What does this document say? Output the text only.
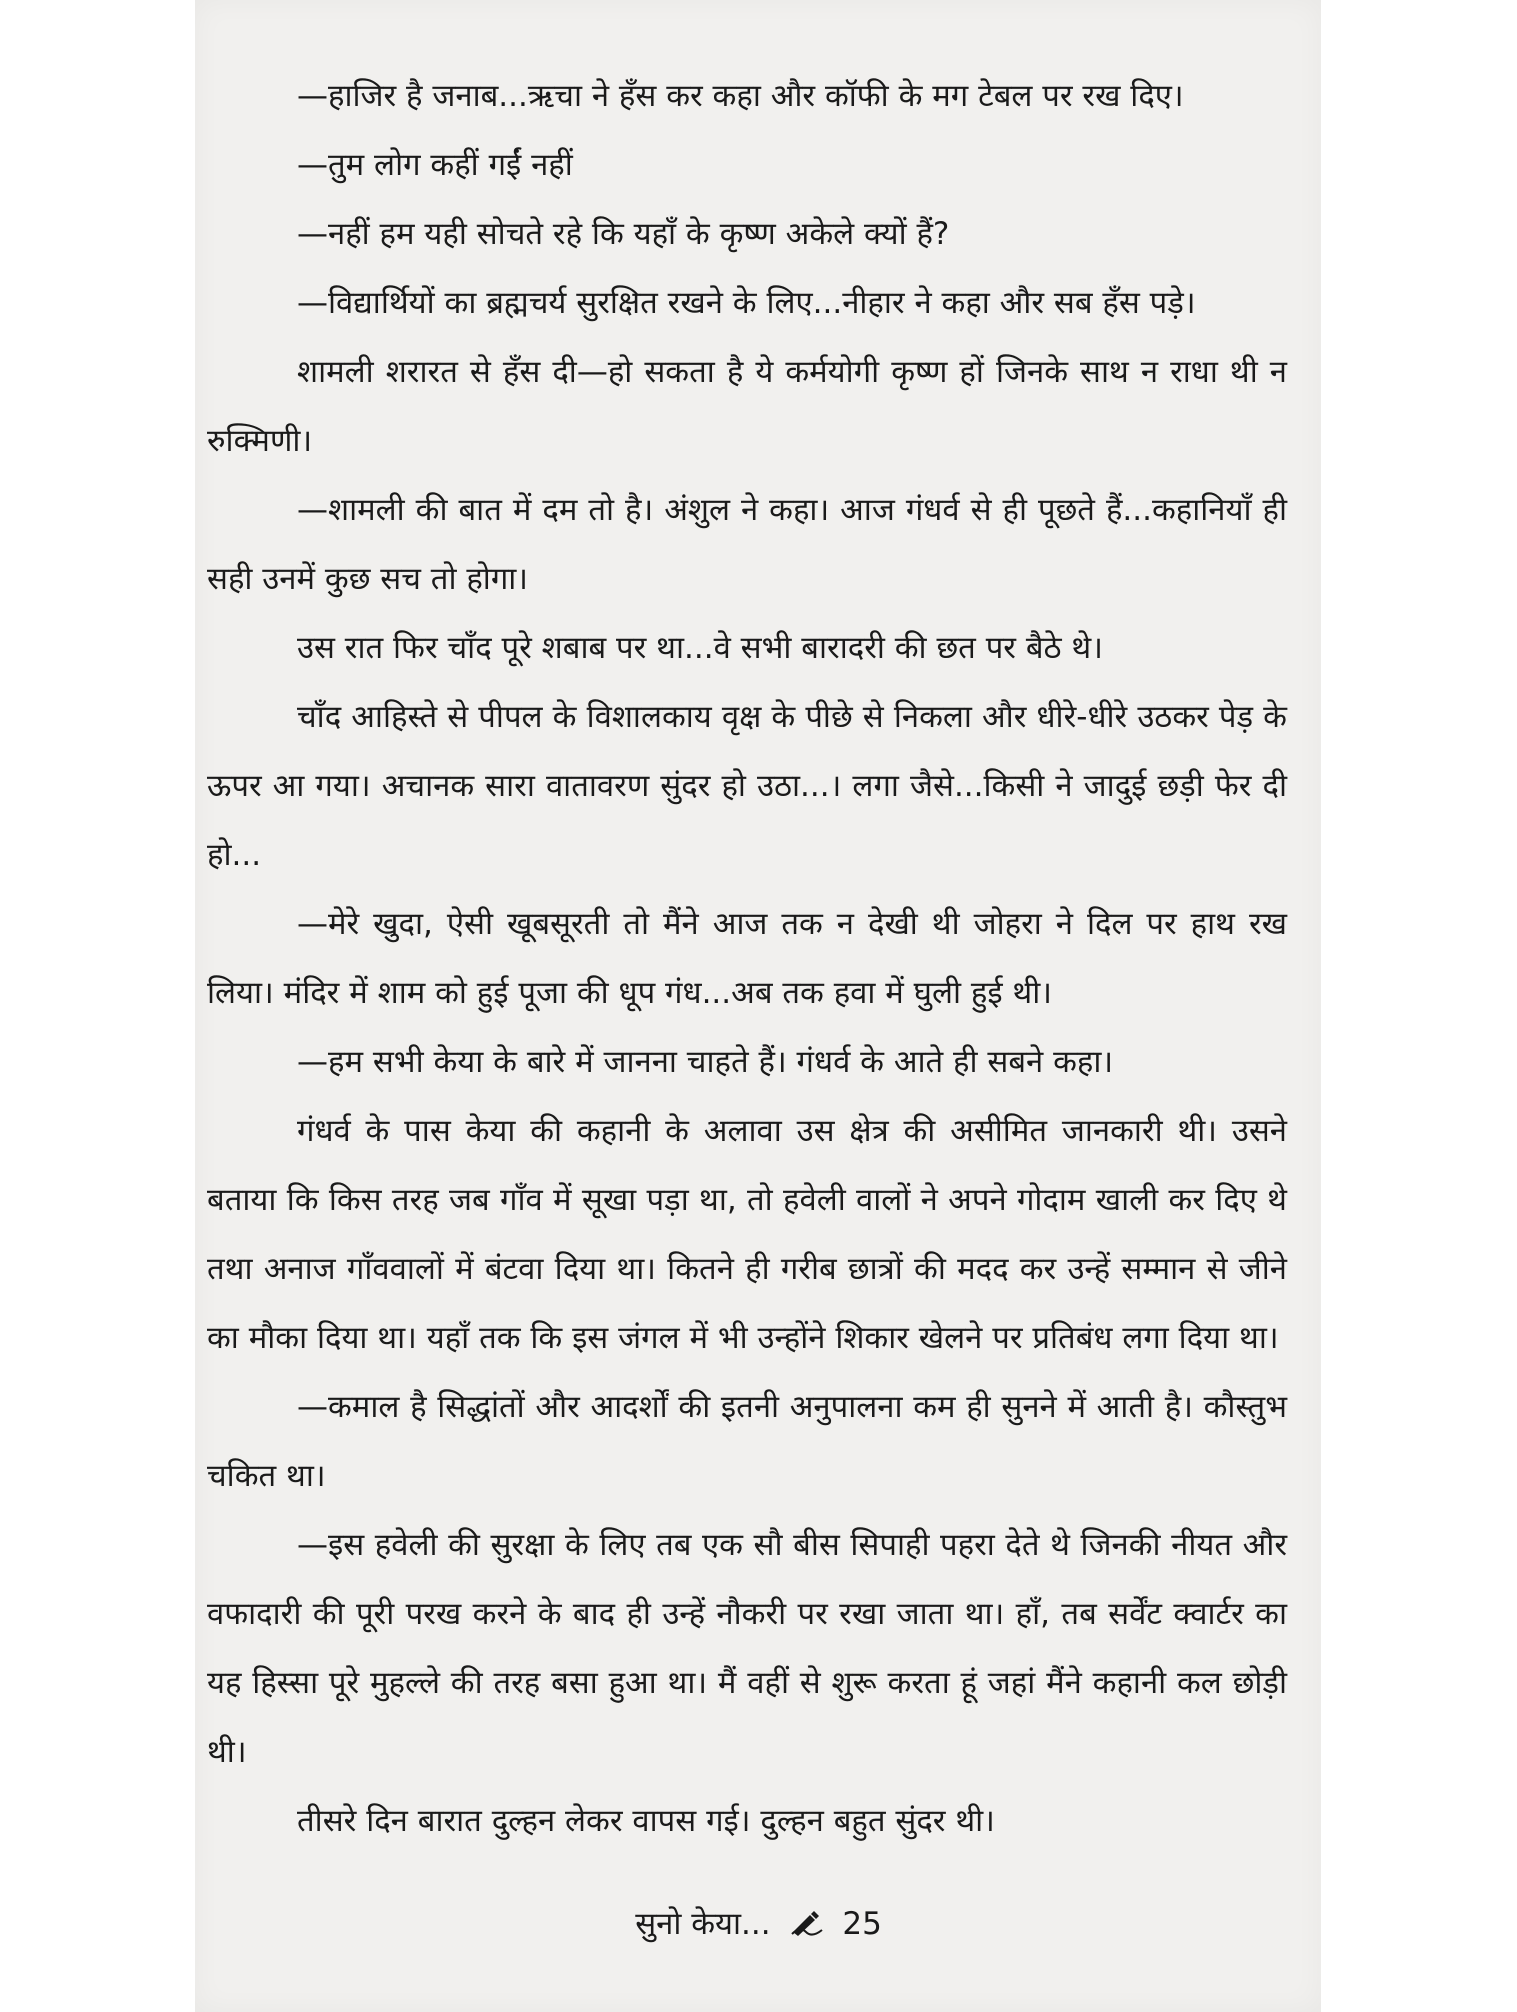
—हाजिर है जनाब...ऋचा ने हँस कर कहा और कॉफी के मग टेबल पर रख दिए।

—तुम लोग कहीं गईं नहीं

—नहीं हम यही सोचते रहे कि यहाँ के कृष्ण अकेले क्यों हैं?

—विद्यार्थियों का ब्रह्मचर्य सुरक्षित रखने के लिए...नीहार ने कहा और सब हँस पड़े।

शामली शरारत से हँस दी—हो सकता है ये कर्मयोगी कृष्ण हों जिनके साथ न राधा थी न रुक्मिणी।

—शामली की बात में दम तो है। अंशुल ने कहा। आज गंधर्व से ही पूछते हैं...कहानियाँ ही सही उनमें कुछ सच तो होगा।

उस रात फिर चाँद पूरे शबाब पर था...वे सभी बारादरी की छत पर बैठे थे।

चाँद आहिस्ते से पीपल के विशालकाय वृक्ष के पीछे से निकला और धीरे-धीरे उठकर पेड़ के ऊपर आ गया। अचानक सारा वातावरण सुंदर हो उठा...। लगा जैसे...किसी ने जादुई छड़ी फेर दी हो...

—मेरे खुदा, ऐसी खूबसूरती तो मैंने आज तक न देखी थी जोहरा ने दिल पर हाथ रख लिया। मंदिर में शाम को हुई पूजा की धूप गंध...अब तक हवा में घुली हुई थी।

—हम सभी केया के बारे में जानना चाहते हैं। गंधर्व के आते ही सबने कहा।

गंधर्व के पास केया की कहानी के अलावा उस क्षेत्र की असीमित जानकारी थी। उसने बताया कि किस तरह जब गाँव में सूखा पड़ा था, तो हवेली वालों ने अपने गोदाम खाली कर दिए थे तथा अनाज गाँववालों में बंटवा दिया था। कितने ही गरीब छात्रों की मदद कर उन्हें सम्मान से जीने का मौका दिया था। यहाँ तक कि इस जंगल में भी उन्होंने शिकार खेलने पर प्रतिबंध लगा दिया था।

—कमाल है सिद्धांतों और आदर्शों की इतनी अनुपालना कम ही सुनने में आती है। कौस्तुभ चकित था।

—इस हवेली की सुरक्षा के लिए तब एक सौ बीस सिपाही पहरा देते थे जिनकी नीयत और वफादारी की पूरी परख करने के बाद ही उन्हें नौकरी पर रखा जाता था। हाँ, तब सर्वेंट क्वार्टर का यह हिस्सा पूरे मुहल्ले की तरह बसा हुआ था। मैं वहीं से शुरू करता हूं जहां मैंने कहानी कल छोड़ी थी।

तीसरे दिन बारात दुल्हन लेकर वापस गई। दुल्हन बहुत सुंदर थी।

सुनो केया... 25
